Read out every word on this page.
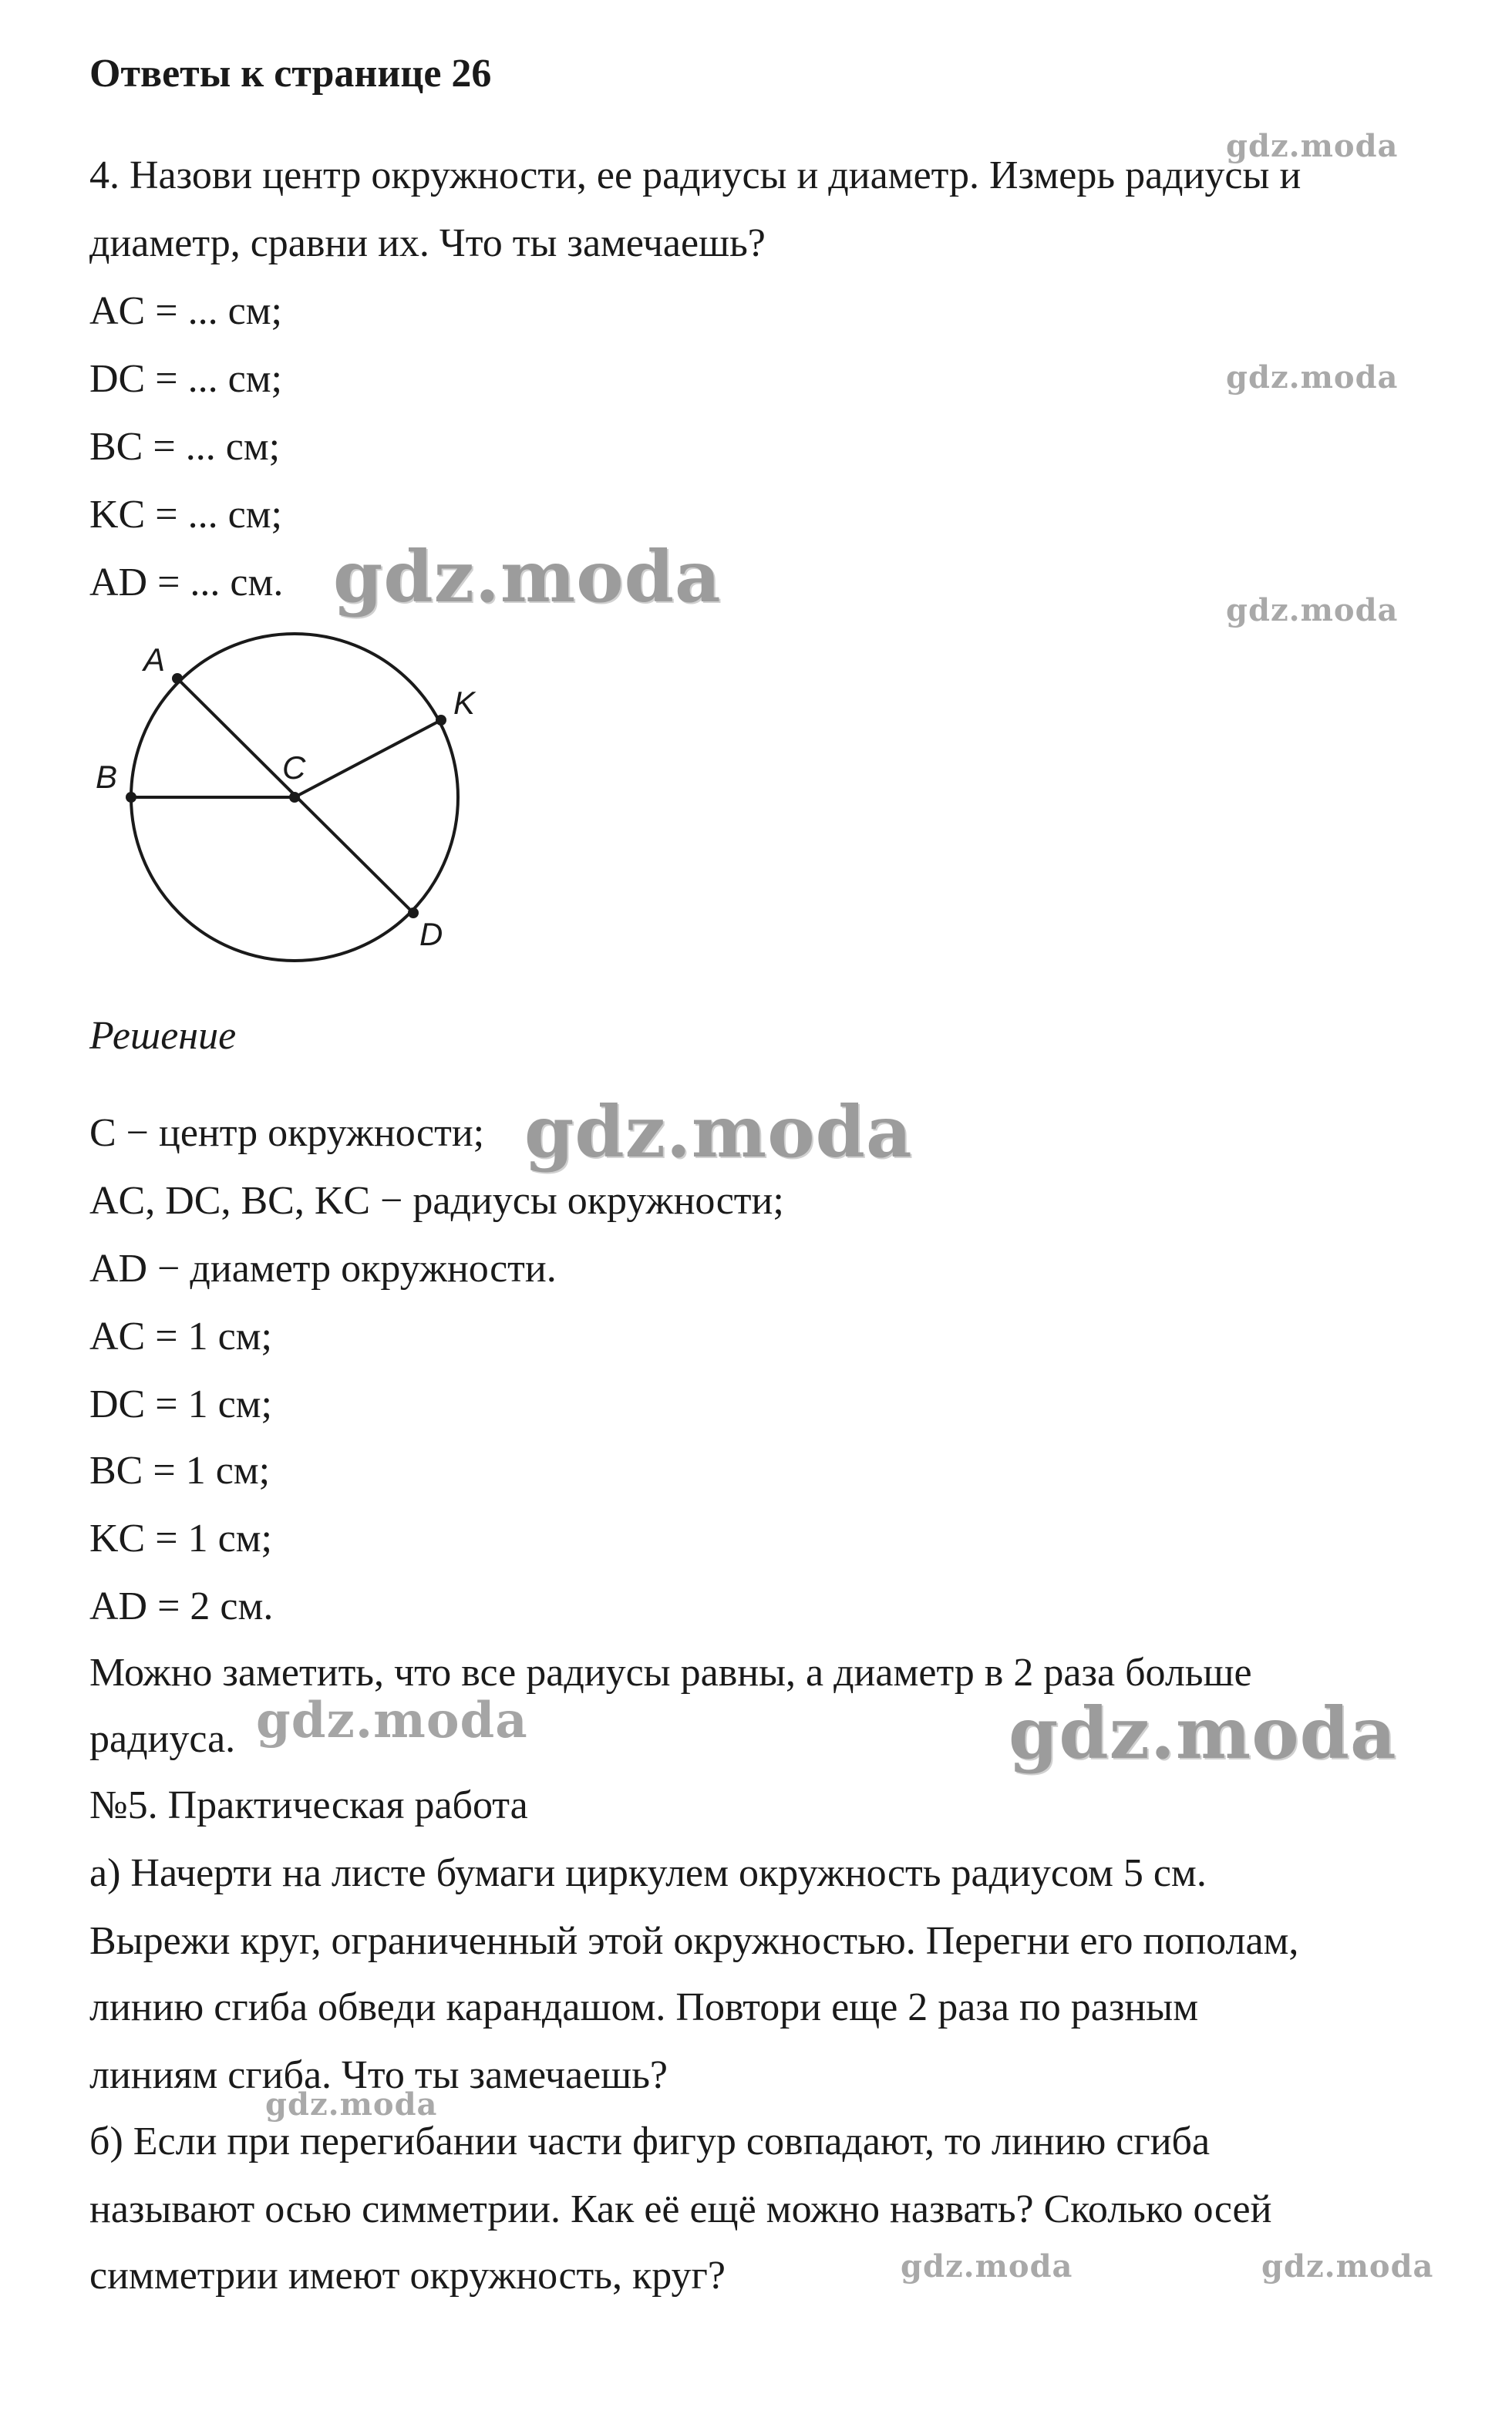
Ответы к странице 26
4. Назови центр окружности, ее радиусы и диаметр. Измерь радиусы и
диаметр, сравни их. Что ты замечаешь?
AC = ... см;
DC = ... см;
BC = ... см;
KC = ... см;
AD = ... см.
A
B	C
D
K
Решение
C − центр окружности;
AC, DC, BC, KC − радиусы окружности;
AD − диаметр окружности.
AC = 1 см;
DC = 1 см;
BC = 1 см;
KC = 1 см;
AD = 2 см.
Можно заметить, что все радиусы равны, а диаметр в 2 раза больше
радиуса.
№5. Практическая работа
а) Начерти на листе бумаги циркулем окружность радиусом 5 см.
Вырежи круг, ограниченный этой окружностью. Перегни его пополам,
линию сгиба обведи карандашом. Повтори еще 2 раза по разным
линиям сгиба. Что ты замечаешь?
б) Если при перегибании части фигур совпадают, то линию сгиба
называют осью симметрии. Как её ещё можно назвать? Сколько осей
симметрии имеют окружность, круг?
gdz.moda
gdz.moda
gdz.moda
gdz.moda
gdz.moda
gdz.moda	gdz.moda
gdz.moda
gdz.moda	gdz.moda
